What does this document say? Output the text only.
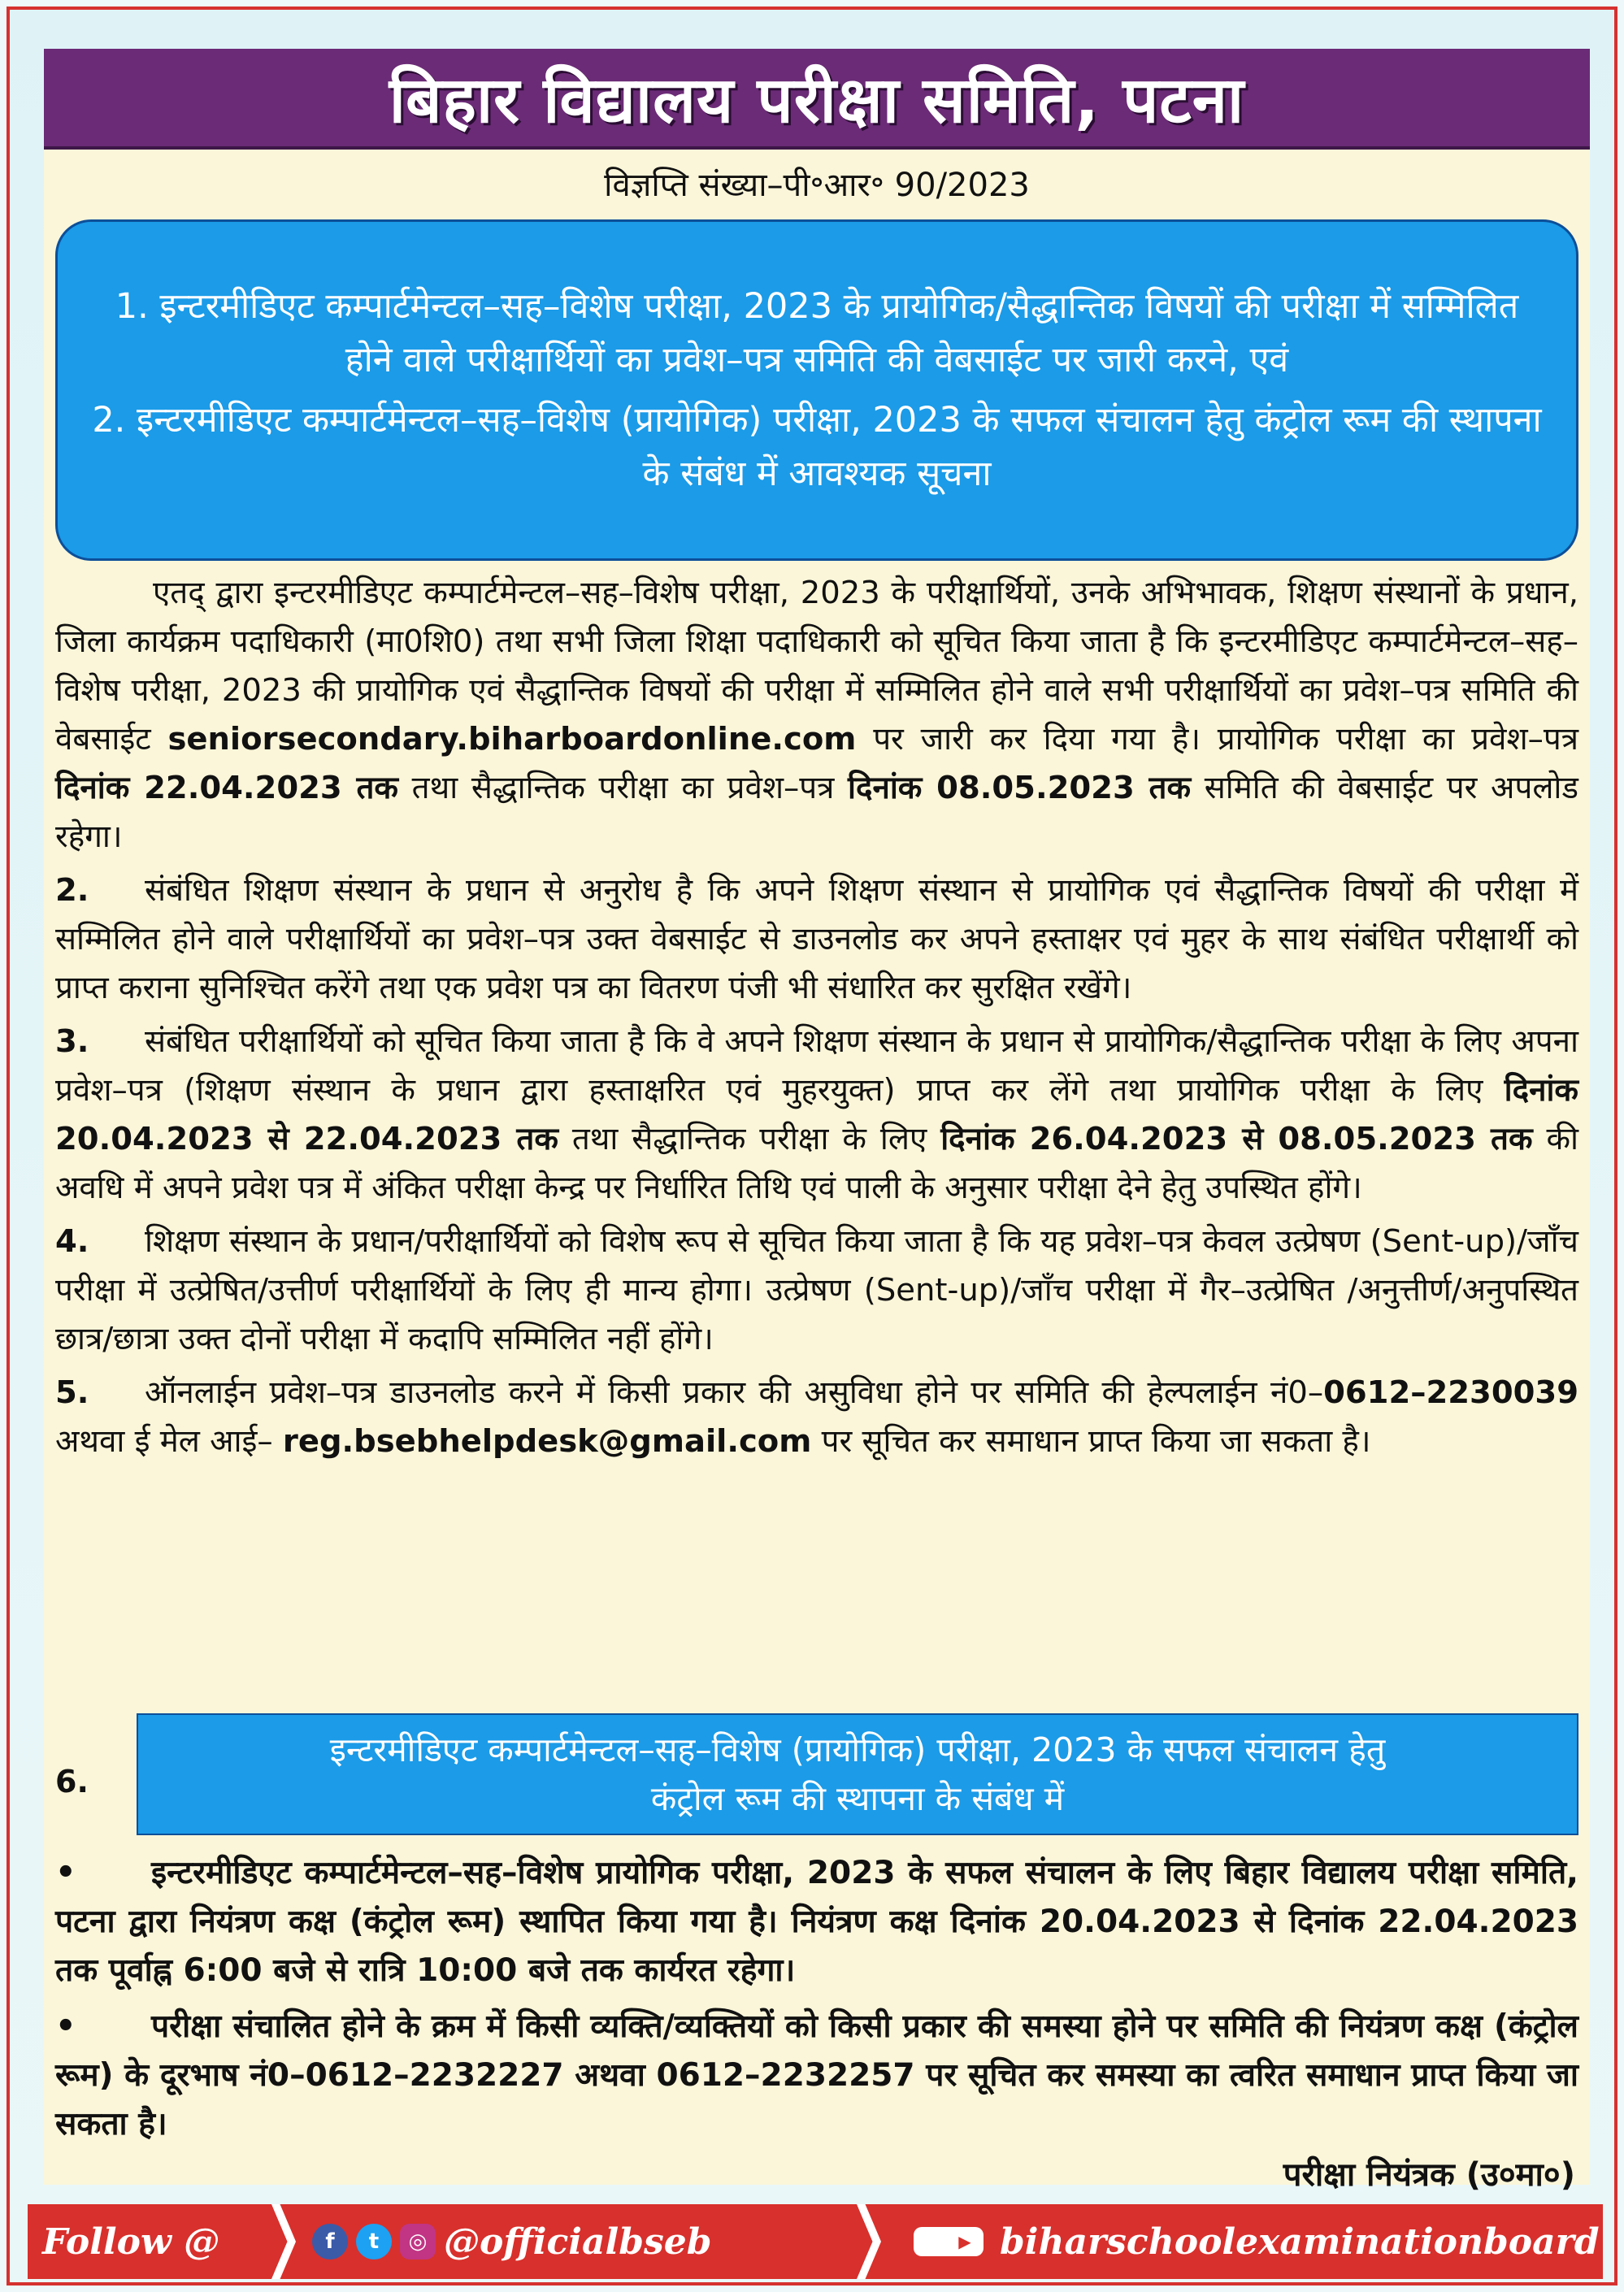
बिहार विद्यालय परीक्षा समिति, पटना
विज्ञप्ति संख्या–पी॰आर॰ 90/2023

1. इन्टरमीडिएट कम्पार्टमेन्टल–सह–विशेष परीक्षा, 2023 के प्रायोगिक/सैद्धान्तिक विषयों की परीक्षा में सम्मिलित होने वाले परीक्षार्थियों का प्रवेश–पत्र समिति की वेबसाईट पर जारी करने, एवं

2. इन्टरमीडिएट कम्पार्टमेन्टल–सह–विशेष (प्रायोगिक) परीक्षा, 2023 के सफल संचालन हेतु कंट्रोल रूम की स्थापना के संबंध में आवश्यक सूचना

एतद् द्वारा इन्टरमीडिएट कम्पार्टमेन्टल–सह–विशेष परीक्षा, 2023 के परीक्षार्थियों, उनके अभिभावक, शिक्षण संस्थानों के प्रधान, जिला कार्यक्रम पदाधिकारी (मा0शि0) तथा सभी जिला शिक्षा पदाधिकारी को सूचित किया जाता है कि इन्टरमीडिएट कम्पार्टमेन्टल–सह–विशेष परीक्षा, 2023 की प्रायोगिक एवं सैद्धान्तिक विषयों की परीक्षा में सम्मिलित होने वाले सभी परीक्षार्थियों का प्रवेश–पत्र समिति की वेबसाईट seniorsecondary.biharboardonline.com पर जारी कर दिया गया है। प्रायोगिक परीक्षा का प्रवेश–पत्र दिनांक 22.04.2023 तक तथा सैद्धान्तिक परीक्षा का प्रवेश–पत्र दिनांक 08.05.2023 तक समिति की वेबसाईट पर अपलोड रहेगा।

2. संबंधित शिक्षण संस्थान के प्रधान से अनुरोध है कि अपने शिक्षण संस्थान से प्रायोगिक एवं सैद्धान्तिक विषयों की परीक्षा में सम्मिलित होने वाले परीक्षार्थियों का प्रवेश–पत्र उक्त वेबसाईट से डाउनलोड कर अपने हस्ताक्षर एवं मुहर के साथ संबंधित परीक्षार्थी को प्राप्त कराना सुनिश्चित करेंगे तथा एक प्रवेश पत्र का वितरण पंजी भी संधारित कर सुरक्षित रखेंगे।

3. संबंधित परीक्षार्थियों को सूचित किया जाता है कि वे अपने शिक्षण संस्थान के प्रधान से प्रायोगिक/सैद्धान्तिक परीक्षा के लिए अपना प्रवेश–पत्र (शिक्षण संस्थान के प्रधान द्वारा हस्ताक्षरित एवं मुहरयुक्त) प्राप्त कर लेंगे तथा प्रायोगिक परीक्षा के लिए दिनांक 20.04.2023 से 22.04.2023 तक तथा सैद्धान्तिक परीक्षा के लिए दिनांक 26.04.2023 से 08.05.2023 तक की अवधि में अपने प्रवेश पत्र में अंकित परीक्षा केन्द्र पर निर्धारित तिथि एवं पाली के अनुसार परीक्षा देने हेतु उपस्थित होंगे।

4. शिक्षण संस्थान के प्रधान/परीक्षार्थियों को विशेष रूप से सूचित किया जाता है कि यह प्रवेश–पत्र केवल उत्प्रेषण (Sent-up)/जाँच परीक्षा में उत्प्रेषित/उत्तीर्ण परीक्षार्थियों के लिए ही मान्य होगा। उत्प्रेषण (Sent-up)/जाँच परीक्षा में गैर–उत्प्रेषित /अनुत्तीर्ण/अनुपस्थित छात्र/छात्रा उक्त दोनों परीक्षा में कदापि सम्मिलित नहीं होंगे।

5. ऑनलाईन प्रवेश–पत्र डाउनलोड करने में किसी प्रकार की असुविधा होने पर समिति की हेल्पलाईन नं0–0612–2230039 अथवा ई मेल आई– reg.bsebhelpdesk@gmail.com पर सूचित कर समाधान प्राप्त किया जा सकता है।

6.

इन्टरमीडिएट कम्पार्टमेन्टल–सह–विशेष (प्रायोगिक) परीक्षा, 2023 के सफल संचालन हेतु

कंट्रोल रूम की स्थापना के संबंध में

• इन्टरमीडिएट कम्पार्टमेन्टल–सह–विशेष प्रायोगिक परीक्षा, 2023 के सफल संचालन के लिए बिहार विद्यालय परीक्षा समिति, पटना द्वारा नियंत्रण कक्ष (कंट्रोल रूम) स्थापित किया गया है। नियंत्रण कक्ष दिनांक 20.04.2023 से दिनांक 22.04.2023 तक पूर्वाह्न 6:00 बजे से रात्रि 10:00 बजे तक कार्यरत रहेगा।

• परीक्षा संचालित होने के क्रम में किसी व्यक्ति/व्यक्तियों को किसी प्रकार की समस्या होने पर समिति की नियंत्रण कक्ष (कंट्रोल रूम) के दूरभाष नं0–0612–2232227 अथवा 0612–2232257 पर सूचित कर समस्या का त्वरित समाधान प्राप्त किया जा सकता है।

परीक्षा नियंत्रक (उ०मा०)
Follow @	f	t	◎ @officialbseb	▶ biharschoolexaminationboard
